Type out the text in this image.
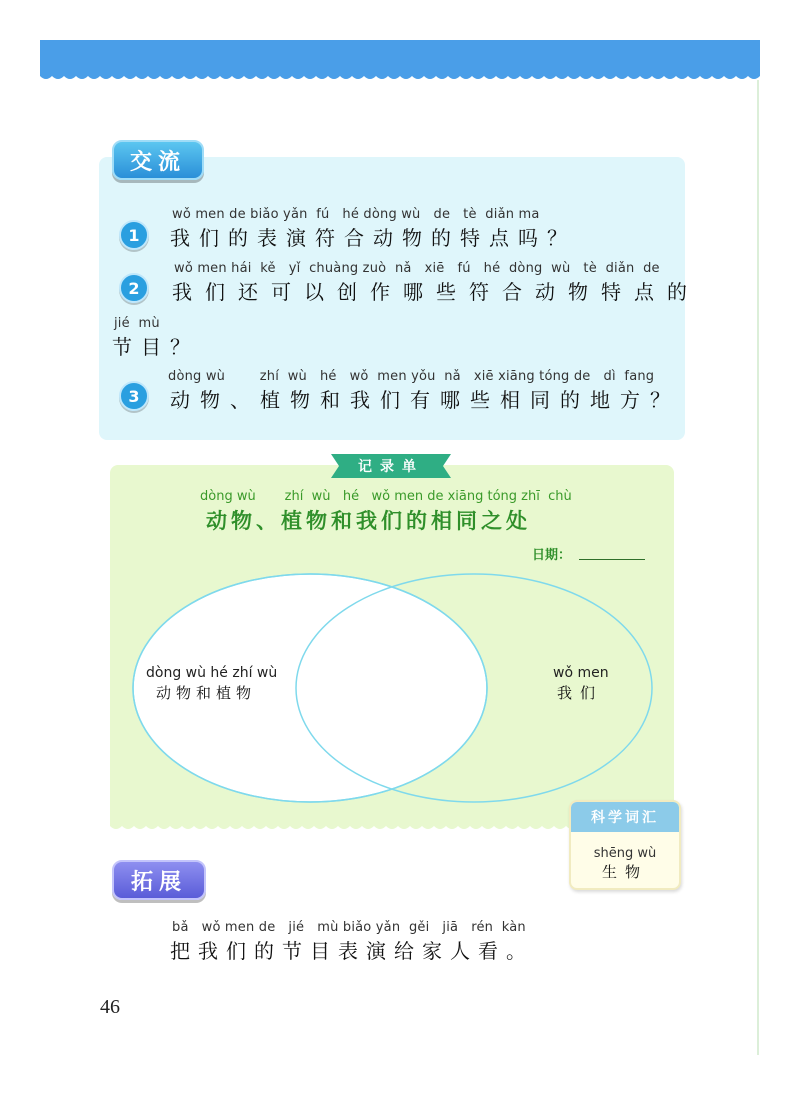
交流
1
wǒ men de biǎo yǎn  fú   hé dòng wù   de   tè  diǎn ma
我们的表演符合动物的特点吗？
2
wǒ men hái  kě   yǐ  chuàng zuò  nǎ   xiē   fú   hé  dòng  wù   tè  diǎn  de
我们还可以创作哪些符合动物特点的
jié  mù
节目？
3
dòng wù        zhí  wù   hé   wǒ  men yǒu  nǎ   xiē xiāng tóng de   dì  fang
动物、植物和我们有哪些相同的地方？
记录单
dòng wù       zhí  wù   hé   wǒ men de xiāng tóng zhī  chù
动物、植物和我们的相同之处
日期：
dòng wù hé zhí wù
动物和植物
wǒ men
我们
科学词汇
shēng wù
生物
拓展
bǎ   wǒ men de   jié   mù biǎo yǎn  gěi   jiā   rén  kàn
把我们的节目表演给家人看。
46
